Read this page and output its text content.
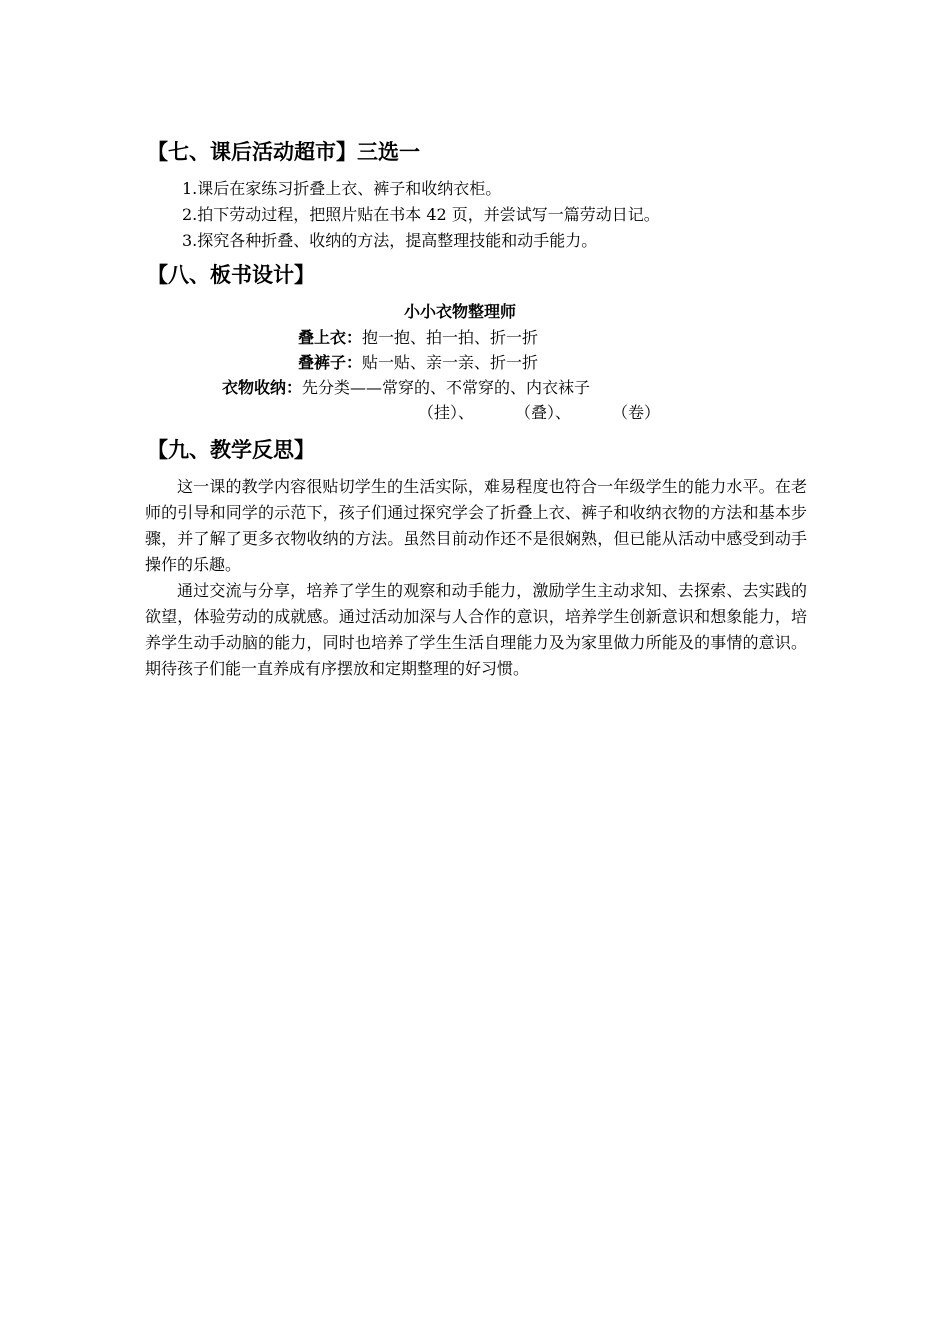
【七、课后活动超市】三选一
1.课后在家练习折叠上衣、裤子和收纳衣柜。
2.拍下劳动过程，把照片贴在书本 42 页，并尝试写一篇劳动日记。
3.探究各种折叠、收纳的方法，提高整理技能和动手能力。
【八、板书设计】
小小衣物整理师
叠上衣：抱一抱、拍一拍、折一折
叠裤子：贴一贴、亲一亲、折一折
衣物收纳：先分类——常穿的、不常穿的、内衣袜子
（挂）、	（叠）、	（卷）
【九、教学反思】

这一课的教学内容很贴切学生的生活实际，难易程度也符合一年级学生的能力水平。在老师的引导和同学的示范下，孩子们通过探究学会了折叠上衣、裤子和收纳衣物的方法和基本步骤，并了解了更多衣物收纳的方法。虽然目前动作还不是很娴熟，但已能从活动中感受到动手操作的乐趣。

通过交流与分享，培养了学生的观察和动手能力，激励学生主动求知、去探索、去实践的欲望，体验劳动的成就感。通过活动加深与人合作的意识，培养学生创新意识和想象能力，培养学生动手动脑的能力，同时也培养了学生生活自理能力及为家里做力所能及的事情的意识。期待孩子们能一直养成有序摆放和定期整理的好习惯。
